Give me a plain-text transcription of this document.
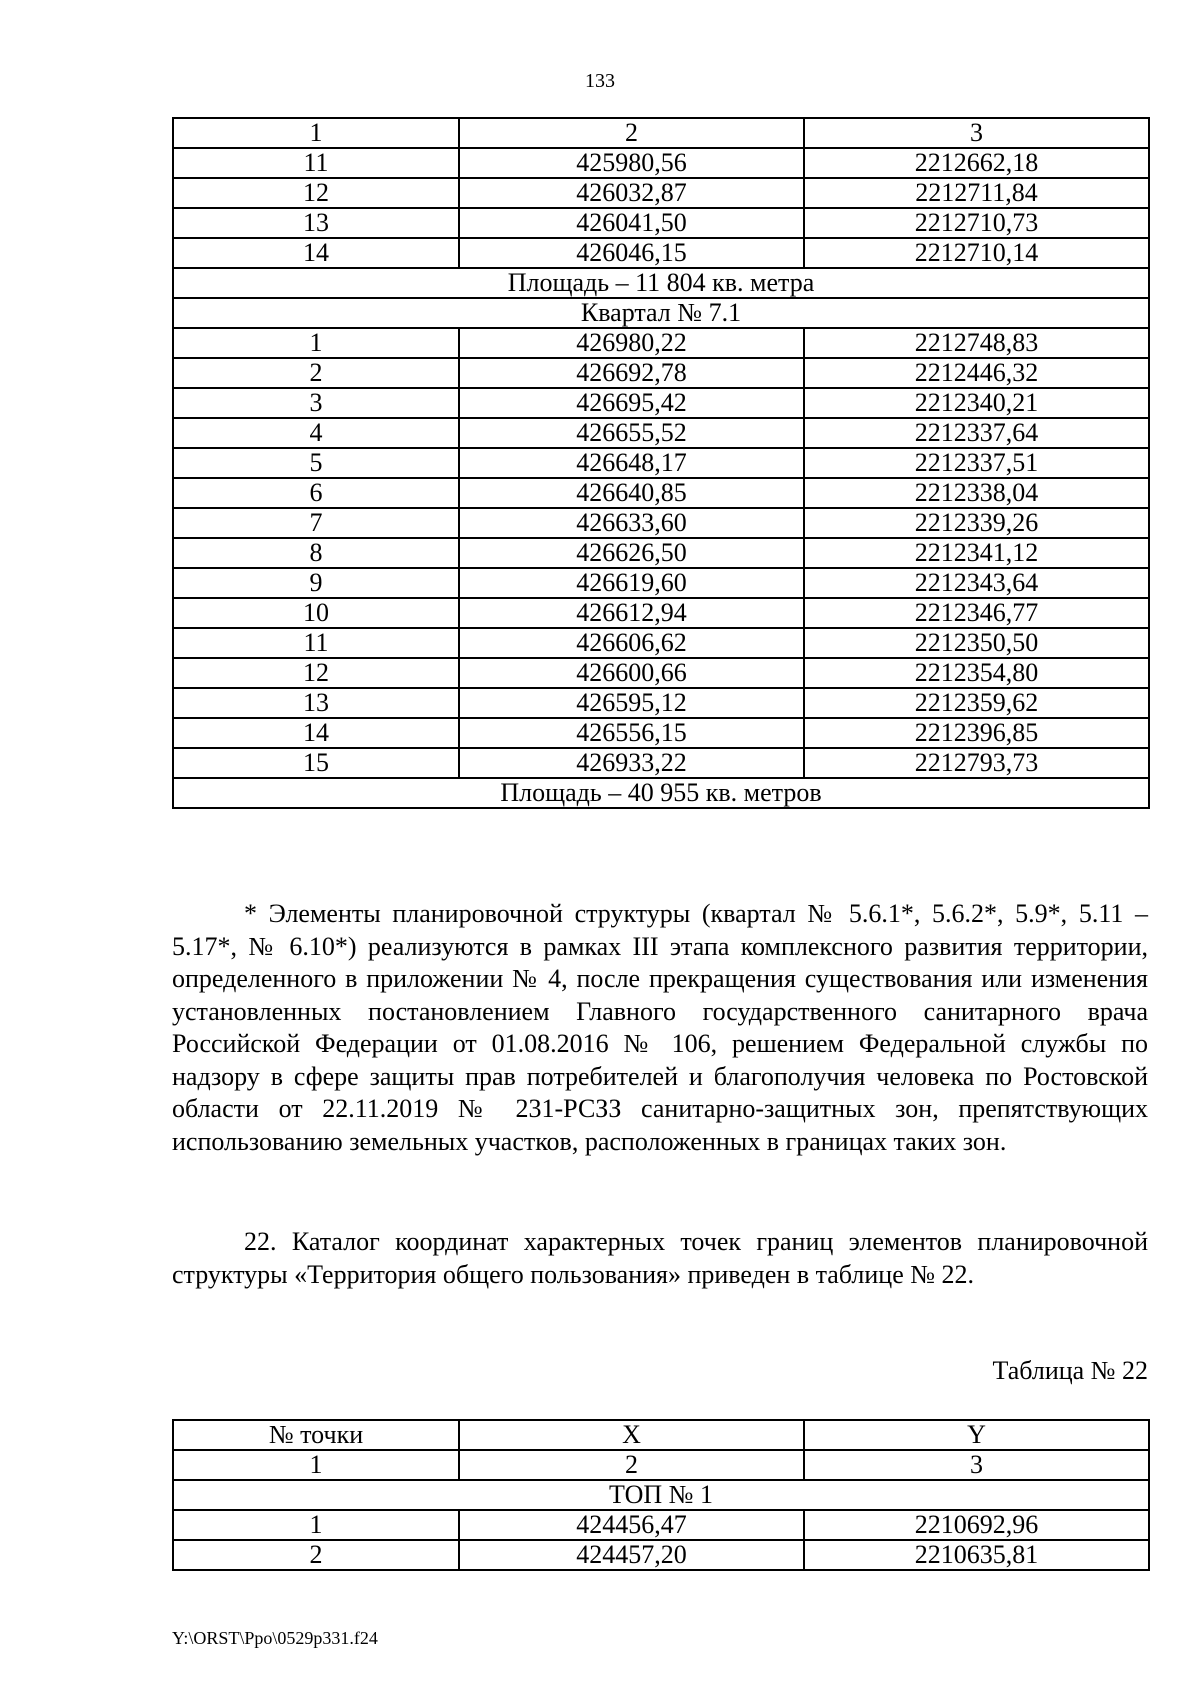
133
1	2	3
11	425980,56	2212662,18
12	426032,87	2212711,84
13	426041,50	2212710,73
14	426046,15	2212710,14
Площадь – 11 804 кв. метра		
Квартал № 7.1		
1	426980,22	2212748,83
2	426692,78	2212446,32
3	426695,42	2212340,21
4	426655,52	2212337,64
5	426648,17	2212337,51
6	426640,85	2212338,04
7	426633,60	2212339,26
8	426626,50	2212341,12
9	426619,60	2212343,64
10	426612,94	2212346,77
11	426606,62	2212350,50
12	426600,66	2212354,80
13	426595,12	2212359,62
14	426556,15	2212396,85
15	426933,22	2212793,73
Площадь – 40 955 кв. метров		

* Элементы планировочной структуры (квартал № 5.6.1*, 5.6.2*, 5.9*, 5.11 – 5.17*, № 6.10*) реализуются в рамках III этапа комплексного развития территории, определенного в приложении № 4, после прекращения существования или изменения установленных постановлением Главного государственного санитарного врача Российской Федерации от 01.08.2016 № 106, решением Федеральной службы по надзору в сфере защиты прав потребителей и благополучия человека по Ростовской области от 22.11.2019 № 231-РСЗЗ санитарно-защитных зон, препятствующих использованию земельных участков, расположенных в границах таких зон.

22. Каталог координат характерных точек границ элементов планировочной структуры «Территория общего пользования» приведен в таблице № 22.

Таблица № 22
№ точки	X	Y
1	2	3
ТОП № 1		
1	424456,47	2210692,96
2	424457,20	2210635,81
Y:\ORST\Ppo\0529p331.f24
